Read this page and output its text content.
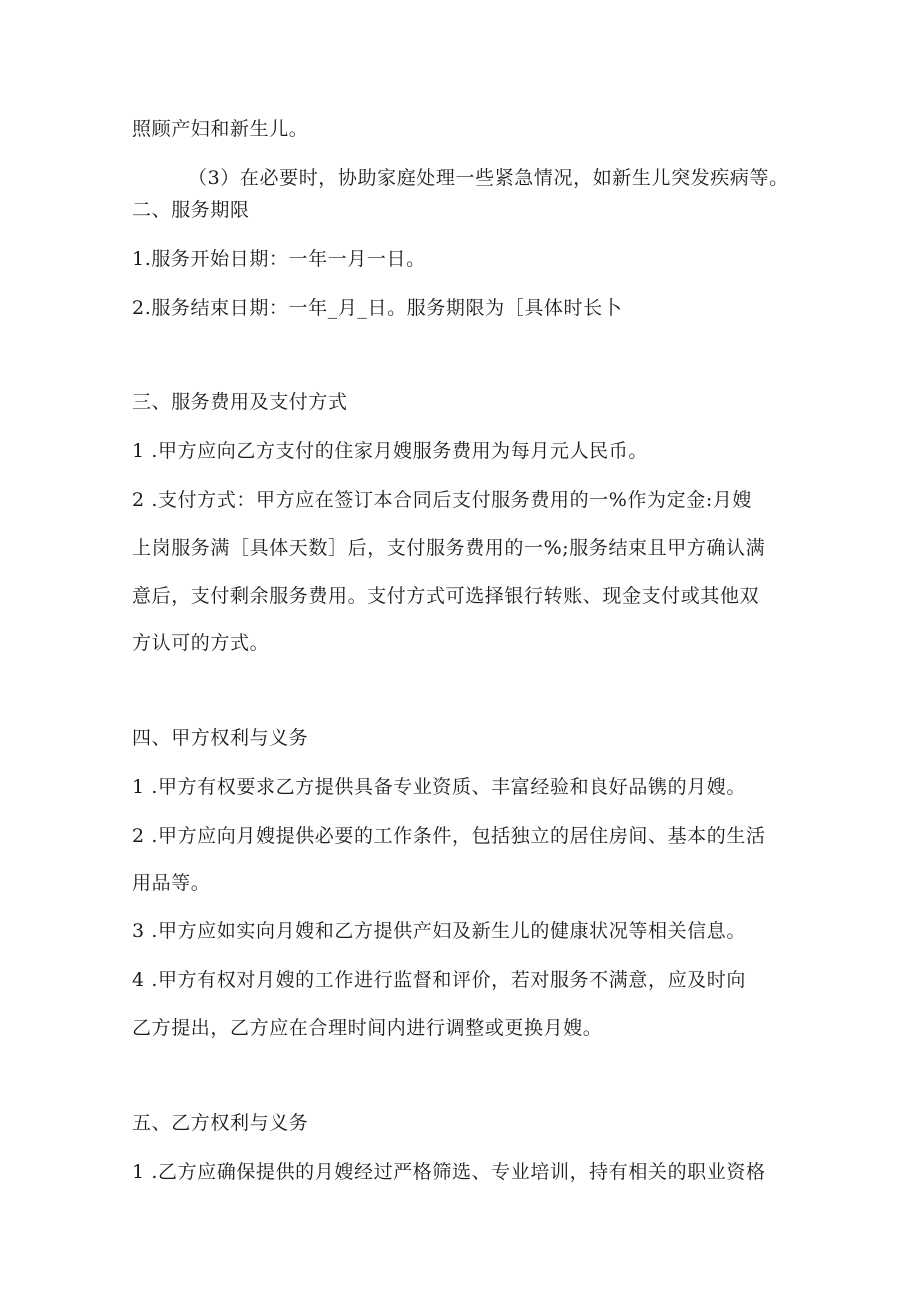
照顾产妇和新生儿。
（3）在必要时，协助家庭处理一些紧急情况，如新生儿突发疾病等。
二、服务期限
1.服务开始日期：一年一月一日。
2.服务结束日期：一年_月_日。服务期限为［具体时长卜
三、服务费用及支付方式
1 .甲方应向乙方支付的住家月嫂服务费用为每月元人民币。
2 .支付方式：甲方应在签订本合同后支付服务费用的一%作为定金:月嫂
上岗服务满［具体天数］后，支付服务费用的一%;服务结束且甲方确认满
意后，支付剩余服务费用。支付方式可选择银行转账、现金支付或其他双
方认可的方式。
四、甲方权利与义务
1 .甲方有权要求乙方提供具备专业资质、丰富经验和良好品镌的月嫂。
2 .甲方应向月嫂提供必要的工作条件，包括独立的居住房间、基本的生活
用品等。
3 .甲方应如实向月嫂和乙方提供产妇及新生儿的健康状况等相关信息。
4 .甲方有权对月嫂的工作进行监督和评价，若对服务不满意，应及时向
乙方提出，乙方应在合理时间内进行调整或更换月嫂。
五、乙方权利与义务
1 .乙方应确保提供的月嫂经过严格筛选、专业培训，持有相关的职业资格
